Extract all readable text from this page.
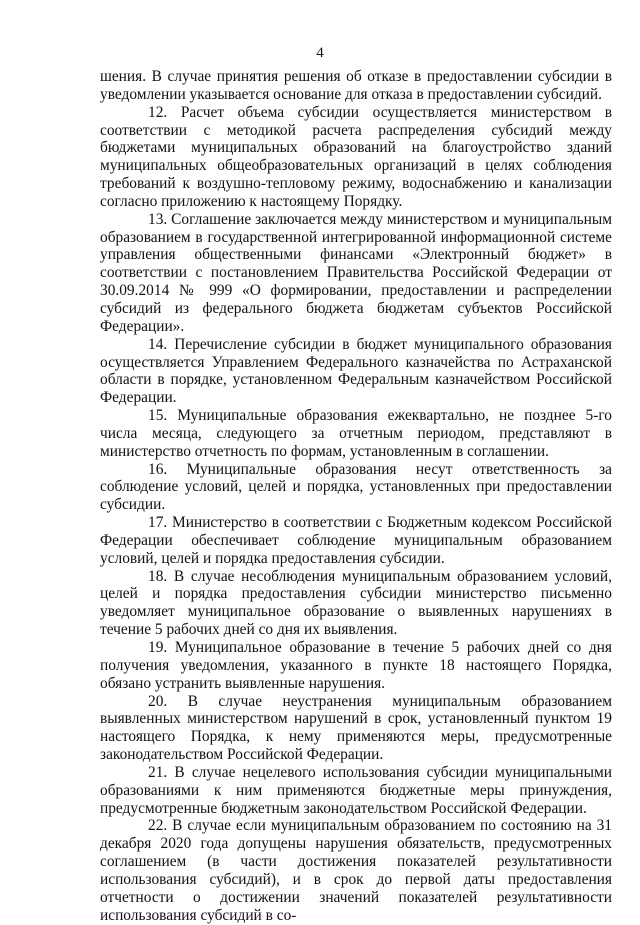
4

шения. В случае принятия решения об отказе в предоставлении субсидии в уведомлении указывается основание для отказа в предоставлении субсидий.

12. Расчет объема субсидии осуществляется министерством в соответствии с методикой расчета распределения субсидий между бюджетами муниципальных образований на благоустройство зданий муниципальных общеобразовательных организаций в целях соблюдения требований к воздушно-тепловому режиму, водоснабжению и канализации согласно приложению к настоящему Порядку.

13. Соглашение заключается между министерством и муниципальным образованием в государственной интегрированной информационной системе управления общественными финансами «Электронный бюджет» в соответствии с постановлением Правительства Российской Федерации от 30.09.2014 № 999 «О формировании, предоставлении и распределении субсидий из федерального бюджета бюджетам субъектов Российской Федерации».

14. Перечисление субсидии в бюджет муниципального образования осуществляется Управлением Федерального казначейства по Астраханской области в порядке, установленном Федеральным казначейством Российской Федерации.

15. Муниципальные образования ежеквартально, не позднее 5-го числа месяца, следующего за отчетным периодом, представляют в министерство отчетность по формам, установленным в соглашении.

16. Муниципальные образования несут ответственность за соблюдение условий, целей и порядка, установленных при предоставлении субсидии.

17. Министерство в соответствии с Бюджетным кодексом Российской Федерации обеспечивает соблюдение муниципальным образованием условий, целей и порядка предоставления субсидии.

18. В случае несоблюдения муниципальным образованием условий, целей и порядка предоставления субсидии министерство письменно уведомляет муниципальное образование о выявленных нарушениях в течение 5 рабочих дней со дня их выявления.

19. Муниципальное образование в течение 5 рабочих дней со дня получения уведомления, указанного в пункте 18 настоящего Порядка, обязано устранить выявленные нарушения.

20. В случае неустранения муниципальным образованием выявленных министерством нарушений в срок, установленный пунктом 19 настоящего Порядка, к нему применяются меры, предусмотренные законодательством Российской Федерации.

21. В случае нецелевого использования субсидии муниципальными образованиями к ним применяются бюджетные меры принуждения, предусмотренные бюджетным законодательством Российской Федерации.

22. В случае если муниципальным образованием по состоянию на 31 декабря 2020 года допущены нарушения обязательств, предусмотренных соглашением (в части достижения показателей результативности использования субсидий), и в срок до первой даты предоставления отчетности о достижении значений показателей результативности использования субсидий в со-
